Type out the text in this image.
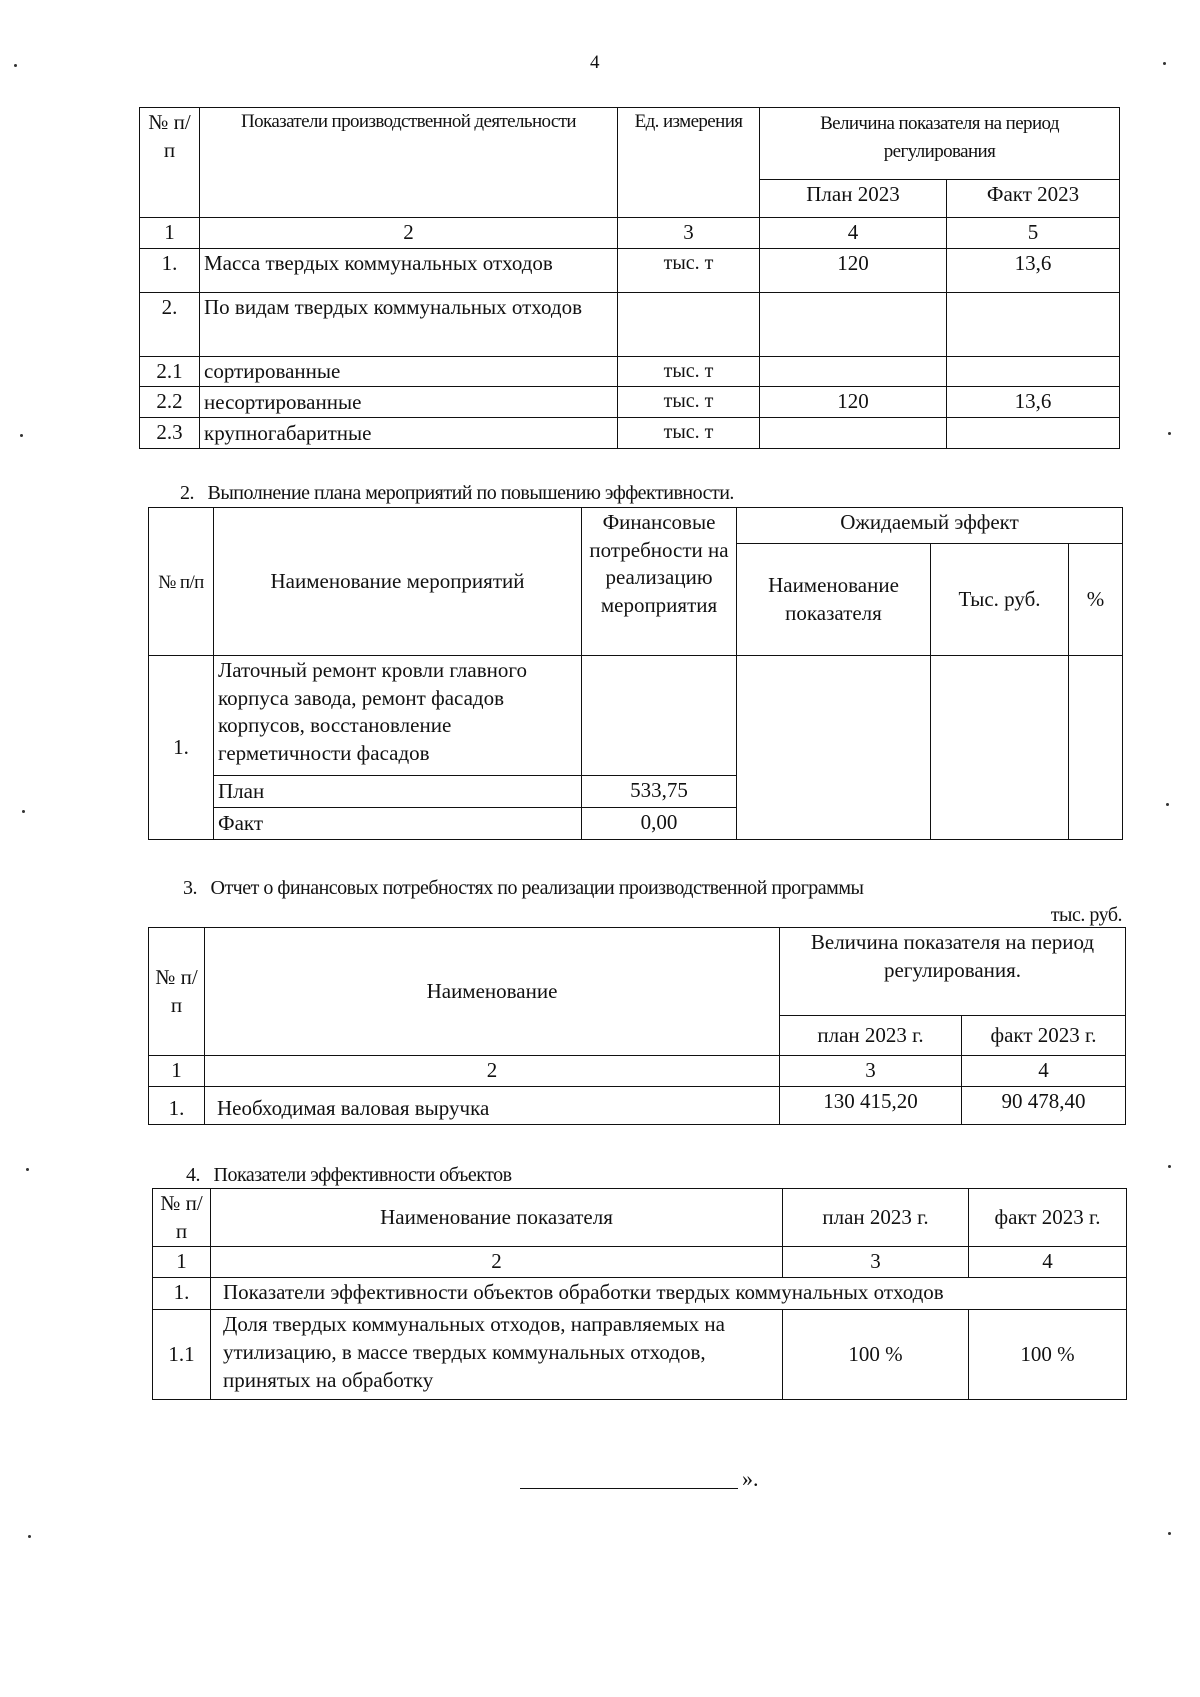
4
№ п/п	Показатели производственной деятельности	Ед. измерения	Величина показателя на период регулирования	
			План 2023	Факт 2023
1	2	3	4	5
1.	Масса твердых коммунальных отходов	тыс. т	120	13,6
2.	По видам твердых коммунальных отходов			
2.1	сортированные	тыс. т		
2.2	несортированные	тыс. т	120	13,6
2.3	крупногабаритные	тыс. т		
2.   Выполнение плана мероприятий по повышению эффективности.
№ п/п	Наименование мероприятий	Финансовые потребности на реализацию мероприятия	Ожидаемый эффект		
			Наименование показателя	Тыс. руб.	%
1.	Латочный ремонт кровли главного корпуса завода, ремонт фасадов корпусов, восстановление герметичности фасадов				
	План	533,75			
	Факт	0,00			
3.   Отчет о финансовых потребностях по реализации производственной программы
тыс. руб.
№ п/п	Наименование	Величина показателя на период регулирования.	
		план 2023 г.	факт 2023 г.
1	2	3	4
1.	Необходимая валовая выручка	130 415,20	90 478,40
4.   Показатели эффективности объектов
№ п/п	Наименование показателя	план 2023 г.	факт 2023 г.
1	2	3	4
1.	Показатели эффективности объектов обработки твердых коммунальных отходов		
1.1	Доля твердых коммунальных отходов, направляемых на утилизацию, в массе твердых коммунальных отходов, принятых на обработку	100 %	100 %
».
